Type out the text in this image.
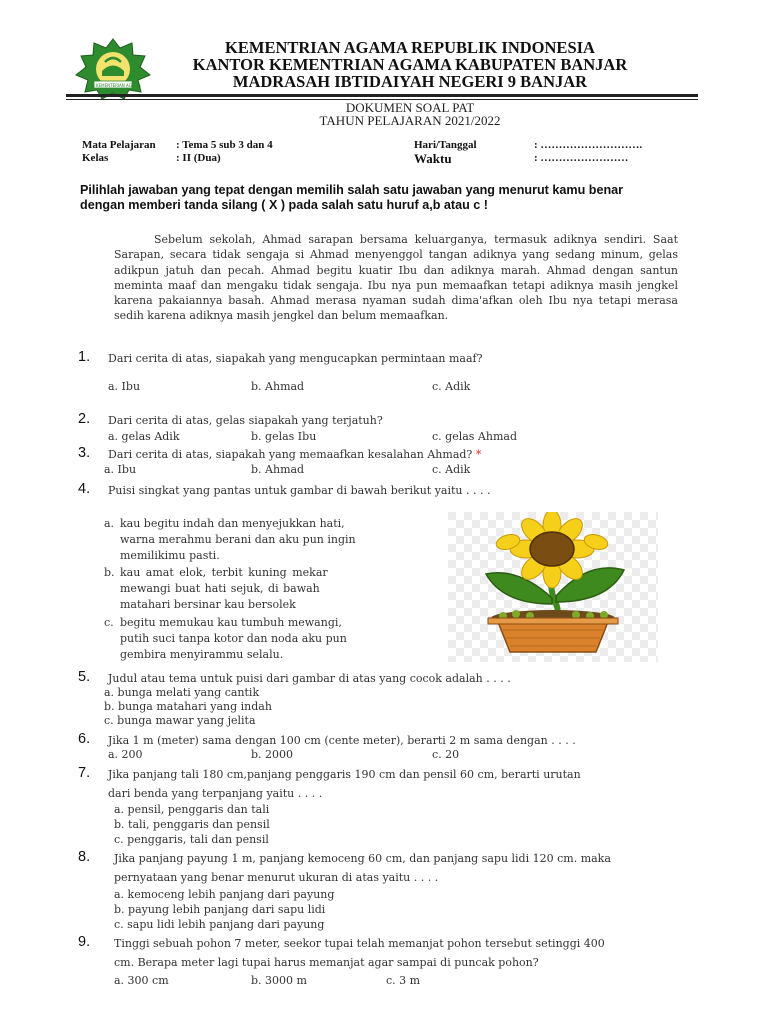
KEMENTERIAN AGAMA
KEMENTRIAN AGAMA REPUBLIK INDONESIA
KANTOR KEMENTRIAN AGAMA KABUPATEN BANJAR
MADRASAH IBTIDAIYAH NEGERI 9 BANJAR
DOKUMEN SOAL PAT
TAHUN PELAJARAN 2021/2022
Mata Pelajaran : Tema 5 sub 3 dan 4
Kelas	: II (Dua)
Hari/Tanggal	: ……………………….
Waktu	: ……………………
Pilihlah jawaban yang tepat dengan memilih salah satu jawaban yang menurut kamu benar
dengan memberi tanda silang ( X ) pada salah satu huruf a,b atau c !

Sebelum sekolah, Ahmad sarapan bersama keluarganya, termasuk adiknya sendiri. Saat Sarapan, secara tidak sengaja si Ahmad menyenggol tangan adiknya yang sedang minum, gelas adikpun jatuh dan pecah. Ahmad begitu kuatir Ibu dan adiknya marah. Ahmad dengan santun meminta maaf dan mengaku tidak sengaja. Ibu nya pun memaafkan tetapi adiknya masih jengkel karena pakaiannya basah. Ahmad merasa nyaman sudah dima'afkan oleh Ibu nya tetapi merasa sedih karena adiknya masih jengkel dan belum memaafkan.

1. Dari cerita di atas, siapakah yang mengucapkan permintaan maaf?
a. Ibu	b. Ahmad	c. Adik
2. Dari cerita di atas, gelas siapakah yang terjatuh?
a. gelas Adik	b. gelas Ibu	c. gelas Ahmad
3. Dari cerita di atas, siapakah yang memaafkan kesalahan Ahmad? *
a. Ibu	b. Ahmad	c. Adik
4. Puisi singkat yang pantas untuk gambar di bawah berikut yaitu . . . .
a. kau begitu indah dan menyejukkan hati,
warna merahmu berani dan aku pun ingin
memilikimu pasti.
b. kau amat elok, terbit kuning mekar
mewangi buat hati sejuk, di bawah
matahari bersinar kau bersolek
c. begitu memukau kau tumbuh mewangi,
putih suci tanpa kotor dan noda aku pun
gembira menyirammu selalu.
5. Judul atau tema untuk puisi dari gambar di atas yang cocok adalah . . . .
a. bunga melati yang cantik
b. bunga matahari yang indah
c. bunga mawar yang jelita
6. Jika 1 m (meter) sama dengan 100 cm (cente meter), berarti 2 m sama dengan . . . .
a. 200	b. 2000	c. 20
7. Jika panjang tali 180 cm,panjang penggaris 190 cm dan pensil 60 cm, berarti urutan
dari benda yang terpanjang yaitu . . . .
a. pensil, penggaris dan tali
b. tali, penggaris dan pensil
c. penggaris, tali dan pensil
8. Jika panjang payung 1 m, panjang kemoceng 60 cm, dan panjang sapu lidi 120 cm. maka
pernyataan yang benar menurut ukuran di atas yaitu . . . .
a. kemoceng lebih panjang dari payung
b. payung lebih panjang dari sapu lidi
c. sapu lidi lebih panjang dari payung
9. Tinggi sebuah pohon 7 meter, seekor tupai telah memanjat pohon tersebut setinggi 400
cm. Berapa meter lagi tupai harus memanjat agar sampai di puncak pohon?
a. 300 cm	b. 3000 m	c. 3 m
